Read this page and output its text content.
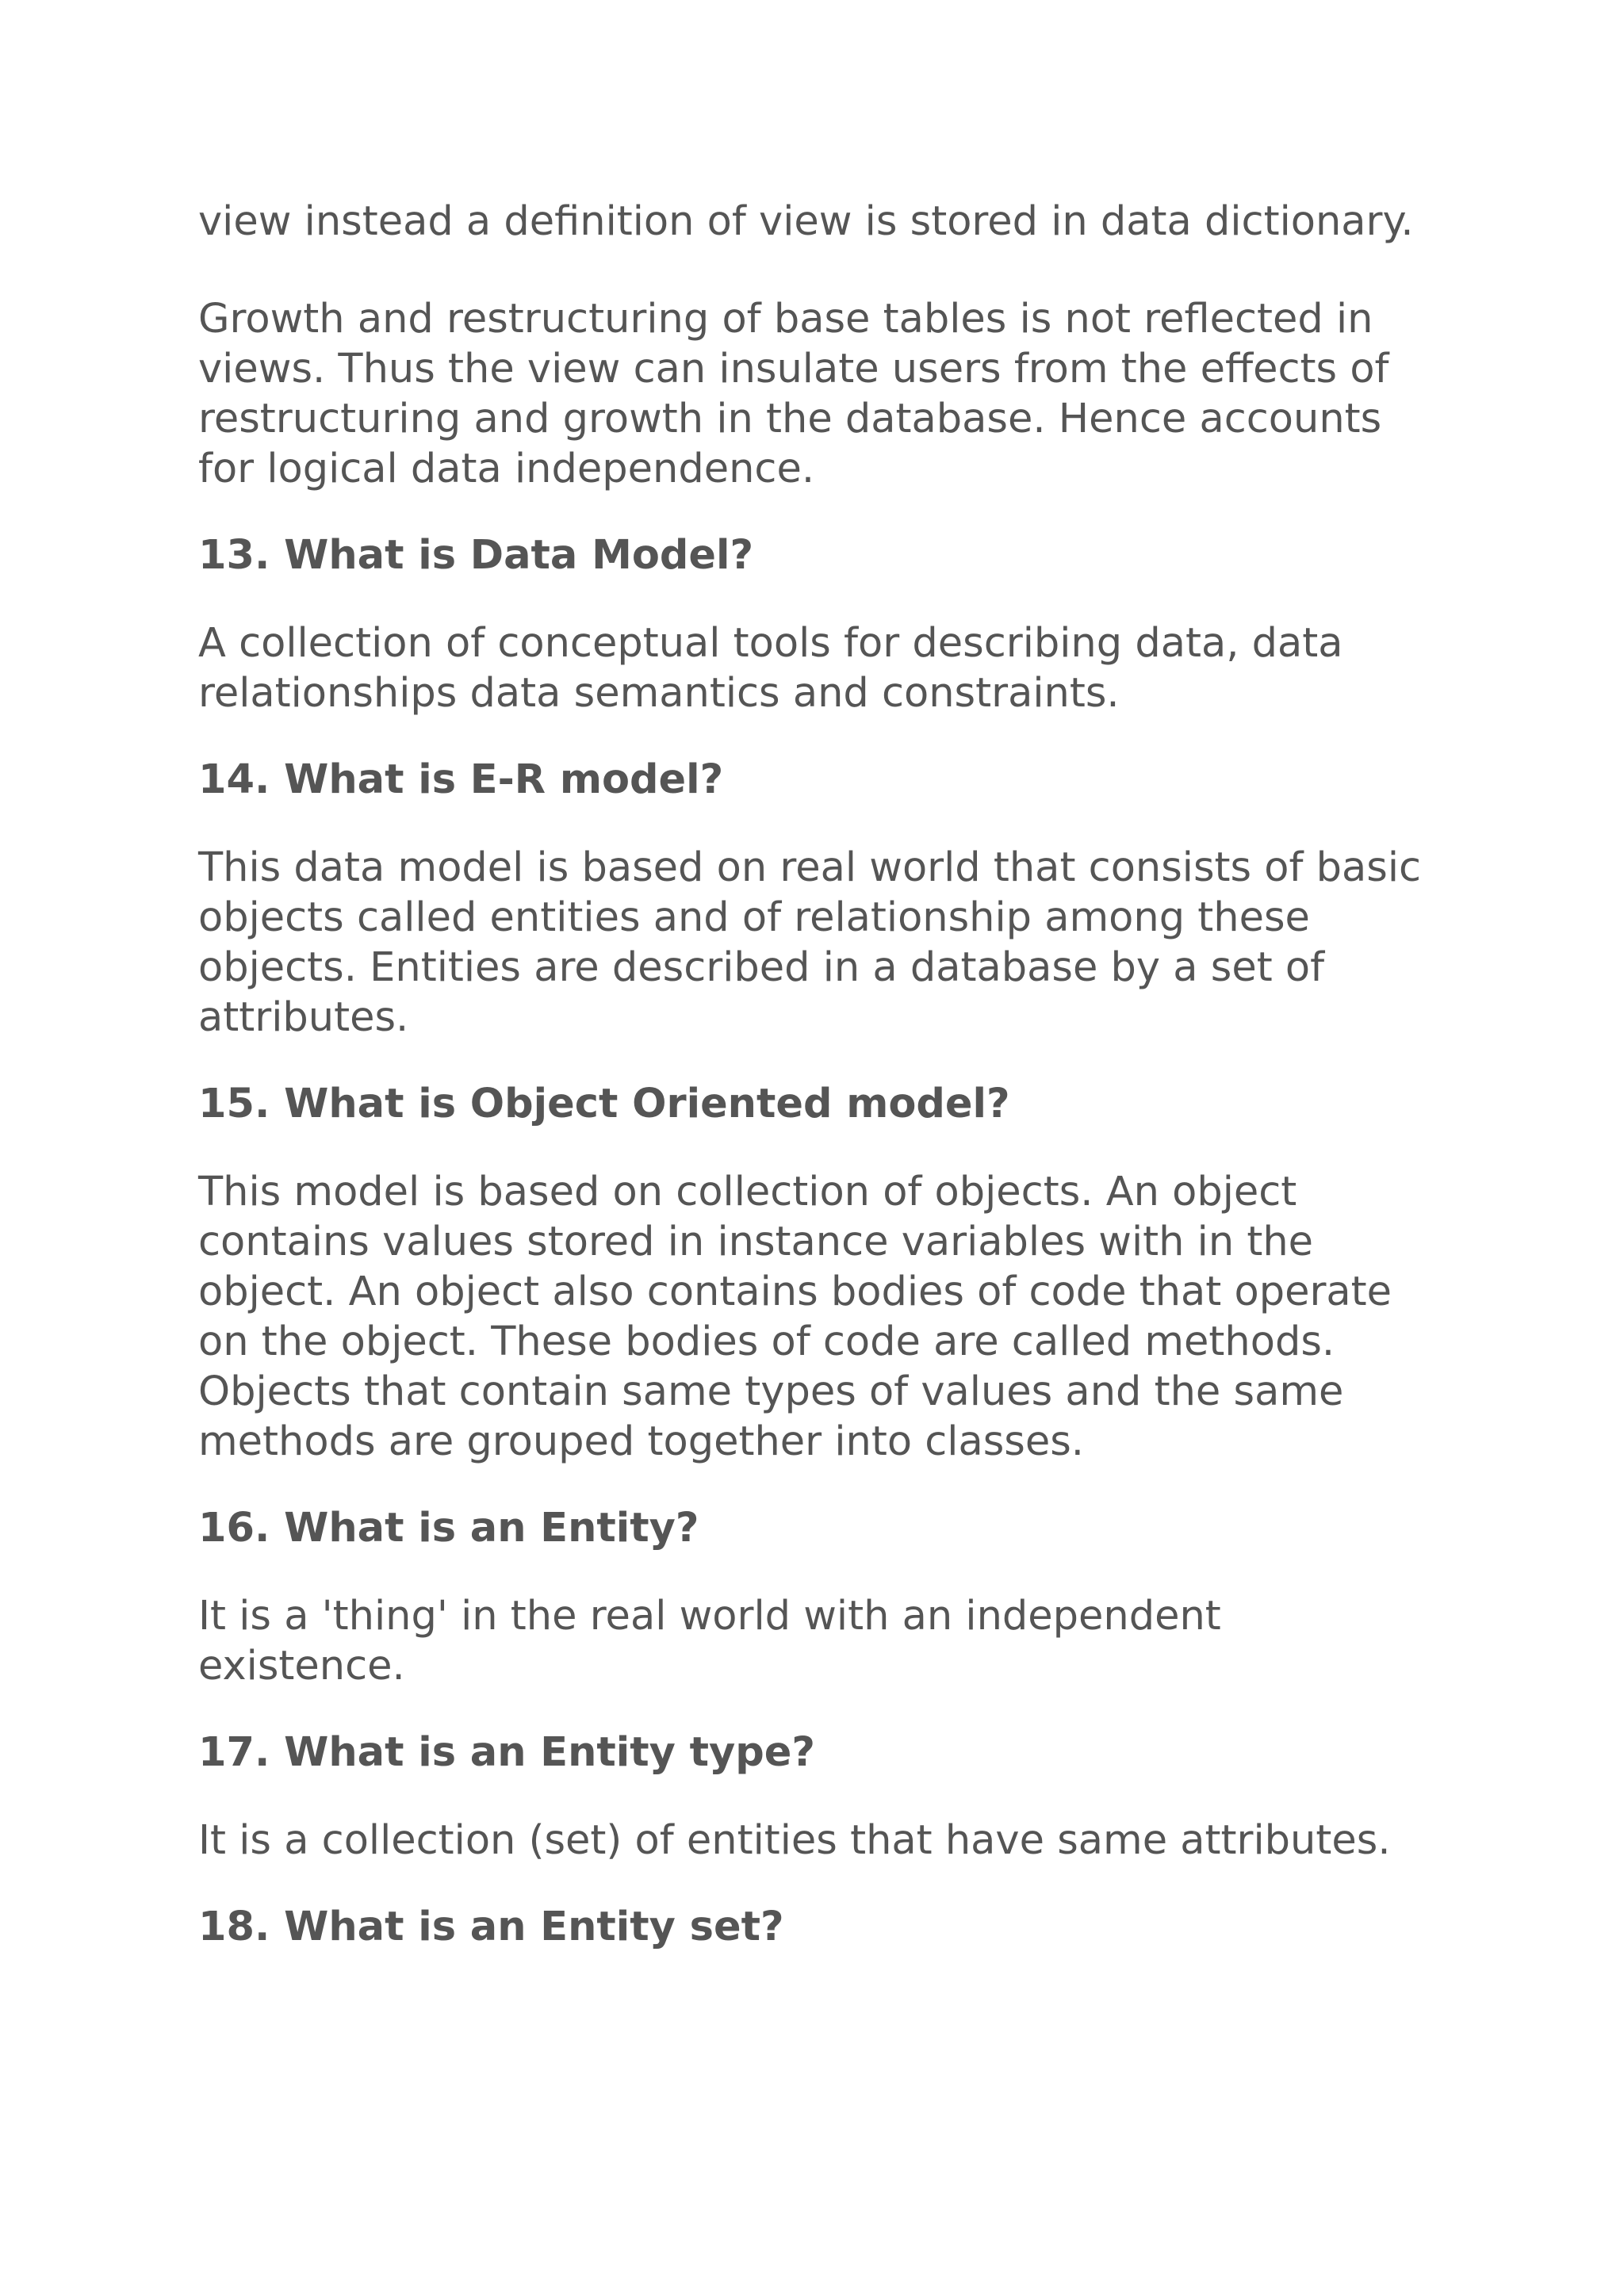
view instead a definition of view is stored in data dictionary.

Growth and restructuring of base tables is not reflected in views. Thus the view can insulate users from the effects of restructuring and growth in the database. Hence accounts for logical data independence.

13. What is Data Model?

A collection of conceptual tools for describing data, data relationships data semantics and constraints.

14. What is E-R model?

This data model is based on real world that consists of basic objects called entities and of relationship among these objects. Entities are described in a database by a set of attributes.

15. What is Object Oriented model?

This model is based on collection of objects. An object contains values stored in instance variables with in the object. An object also contains bodies of code that operate on the object. These bodies of code are called methods. Objects that contain same types of values and the same methods are grouped together into classes.

16. What is an Entity?

It is a 'thing' in the real world with an independent existence.

17. What is an Entity type?

It is a collection (set) of entities that have same attributes.

18. What is an Entity set?
